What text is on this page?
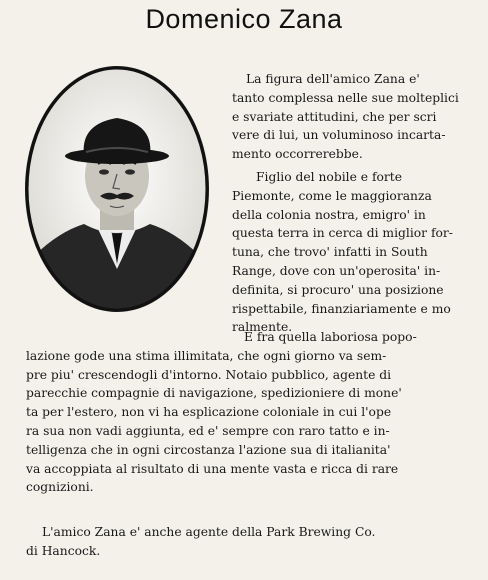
Domenico Zana
La figura dell'amico Zana e'
tanto complessa nelle sue molteplici
e svariate attitudini, che per scri
vere di lui, un voluminoso incarta-
mento occorrerebbe.
Figlio del nobile e forte
Piemonte, come le maggioranza
della colonia nostra, emigro' in
questa terra in cerca di miglior for-
tuna, che trovo' infatti in South
Range, dove con un'operosita' in-
definita, si procuro' una posizione
rispettabile, finanziariamente e mo
ralmente.
E fra quella laboriosa popo-
lazione gode una stima illimitata, che ogni giorno va sem-
pre piu' crescendogli d'intorno. Notaio pubblico, agente di
parecchie compagnie di navigazione, spedizioniere di mone'
ta per l'estero, non vi ha esplicazione coloniale in cui l'ope
ra sua non vadi aggiunta, ed e' sempre con raro tatto e in-
telligenza che in ogni circostanza l'azione sua di italianita'
va accoppiata al risultato di una mente vasta e ricca di rare
cognizioni.
L'amico Zana e' anche agente della Park Brewing Co.
di Hancock.
